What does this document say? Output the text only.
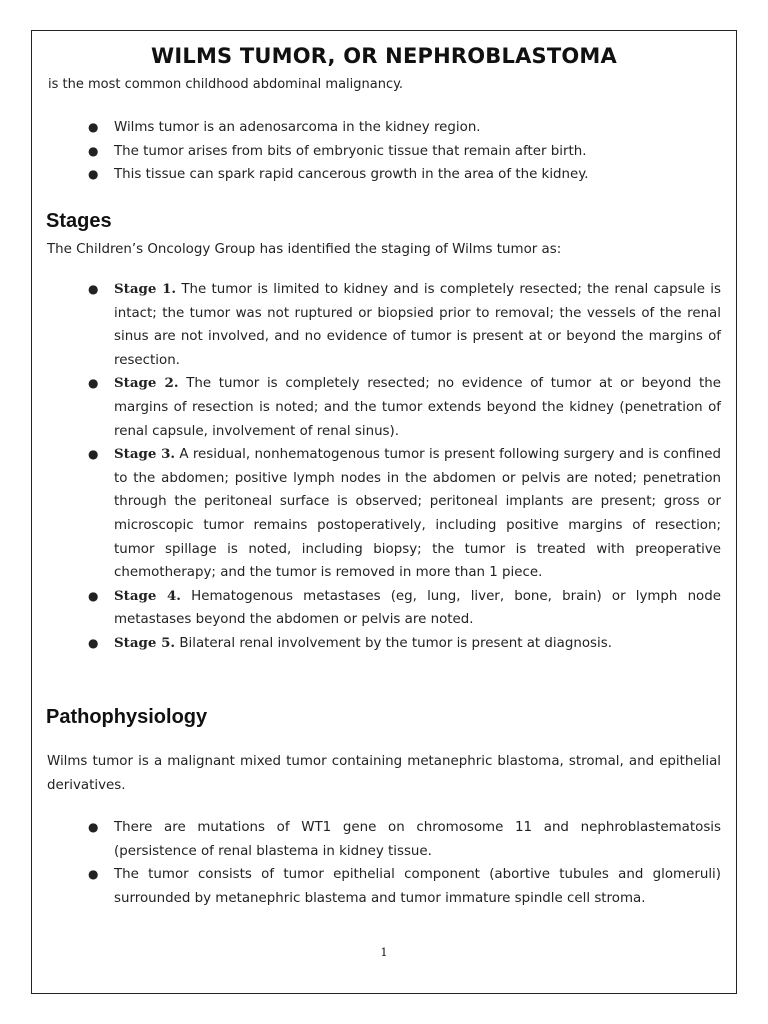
WILMS TUMOR, OR NEPHROBLASTOMA

is the most common childhood abdominal malignancy.

● Wilms tumor is an adenosarcoma in the kidney region.
● The tumor arises from bits of embryonic tissue that remain after birth.
● This tissue can spark rapid cancerous growth in the area of the kidney.
Stages

The Children’s Oncology Group has identified the staging of Wilms tumor as:

● Stage 1. The tumor is limited to kidney and is completely resected; the renal capsule is intact; the tumor was not ruptured or biopsied prior to removal; the vessels of the renal sinus are not involved, and no evidence of tumor is present at or beyond the margins of resection.
● Stage 2. The tumor is completely resected; no evidence of tumor at or beyond the margins of resection is noted; and the tumor extends beyond the kidney (penetration of renal capsule, involvement of renal sinus).
● Stage 3. A residual, nonhematogenous tumor is present following surgery and is confined to the abdomen; positive lymph nodes in the abdomen or pelvis are noted; penetration through the peritoneal surface is observed; peritoneal implants are present; gross or microscopic tumor remains postoperatively, including positive margins of resection; tumor spillage is noted, including biopsy; the tumor is treated with preoperative chemotherapy; and the tumor is removed in more than 1 piece.
● Stage 4. Hematogenous metastases (eg, lung, liver, bone, brain) or lymph node metastases beyond the abdomen or pelvis are noted.
● Stage 5. Bilateral renal involvement by the tumor is present at diagnosis.
Pathophysiology

Wilms tumor is a malignant mixed tumor containing metanephric blastoma, stromal, and epithelial derivatives.

● There are mutations of WT1 gene on chromosome 11 and nephroblastematosis (persistence of renal blastema in kidney tissue.
● The tumor consists of tumor epithelial component (abortive tubules and glomeruli) surrounded by metanephric blastema and tumor immature spindle cell stroma.
1
